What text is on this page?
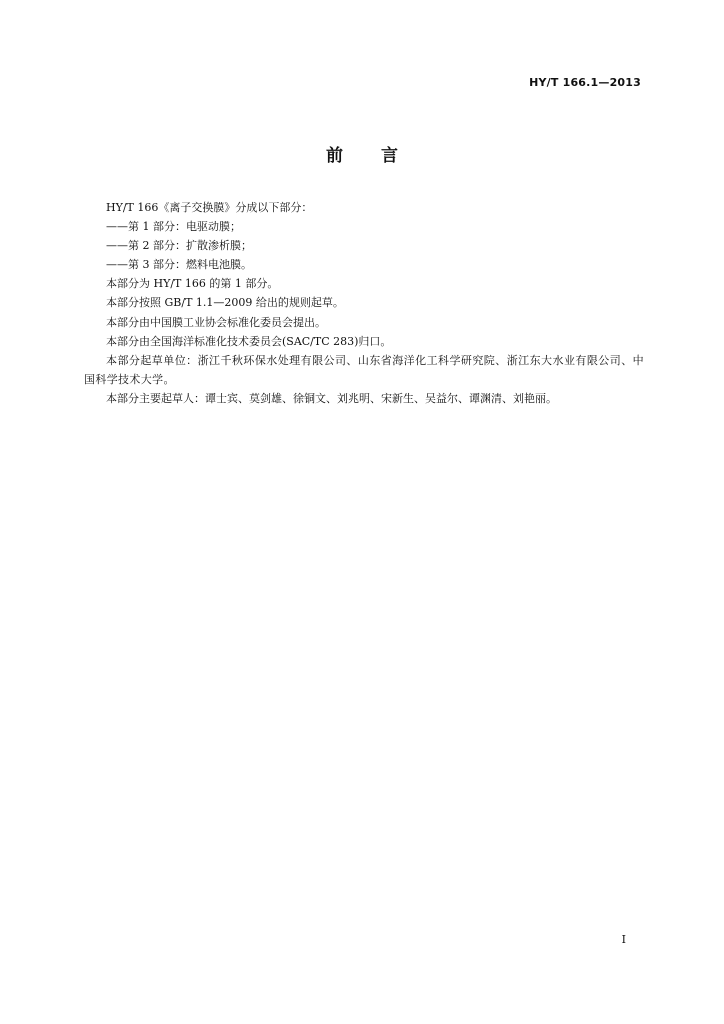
HY/T 166.1—2013
前言

HY/T 166《离子交换膜》分成以下部分：

——第 1 部分：电驱动膜；

——第 2 部分：扩散渗析膜；

——第 3 部分：燃料电池膜。

本部分为 HY/T 166 的第 1 部分。

本部分按照 GB/T 1.1—2009 给出的规则起草。

本部分由中国膜工业协会标准化委员会提出。

本部分由全国海洋标准化技术委员会(SAC/TC 283)归口。

本部分起草单位：浙江千秋环保水处理有限公司、山东省海洋化工科学研究院、浙江东大水业有限公司、中国科学技术大学。

本部分主要起草人：谭士宾、莫剑雄、徐铜文、刘兆明、宋新生、吴益尔、谭渊清、刘艳丽。

I
